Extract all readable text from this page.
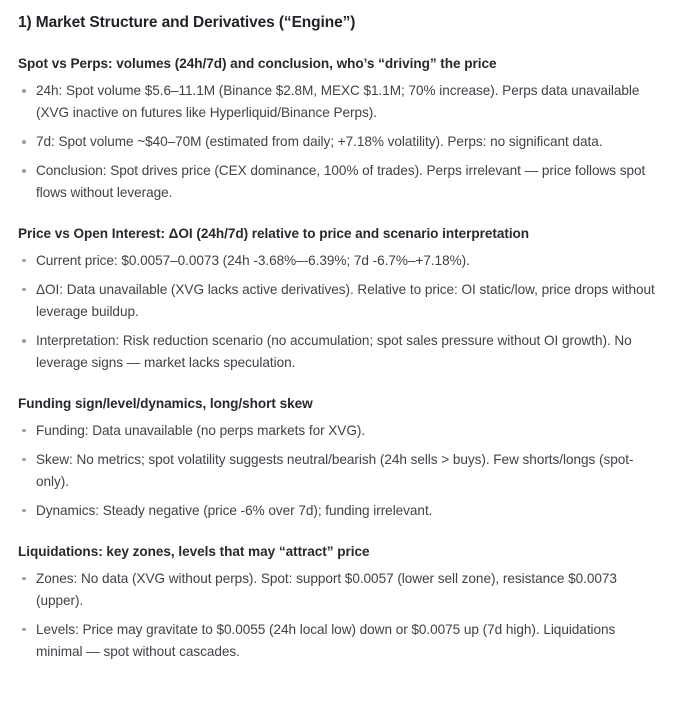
1) Market Structure and Derivatives (“Engine”)
Spot vs Perps: volumes (24h/7d) and conclusion, who’s “driving” the price
24h: Spot volume $5.6–11.1M (Binance $2.8M, MEXC $1.1M; 70% increase). Perps data unavailable (XVG inactive on futures like Hyperliquid/Binance Perps).
7d: Spot volume ~$40–70M (estimated from daily; +7.18% volatility). Perps: no significant data.
Conclusion: Spot drives price (CEX dominance, 100% of trades). Perps irrelevant — price follows spot flows without leverage.
Price vs Open Interest: ΔOI (24h/7d) relative to price and scenario interpretation
Current price: $0.0057–0.0073 (24h -3.68%–-6.39%; 7d -6.7%–+7.18%).
ΔOI: Data unavailable (XVG lacks active derivatives). Relative to price: OI static/low, price drops without leverage buildup.
Interpretation: Risk reduction scenario (no accumulation; spot sales pressure without OI growth). No leverage signs — market lacks speculation.
Funding sign/level/dynamics, long/short skew
Funding: Data unavailable (no perps markets for XVG).
Skew: No metrics; spot volatility suggests neutral/bearish (24h sells > buys). Few shorts/longs (spot-only).
Dynamics: Steady negative (price -6% over 7d); funding irrelevant.
Liquidations: key zones, levels that may “attract” price
Zones: No data (XVG without perps). Spot: support $0.0057 (lower sell zone), resistance $0.0073 (upper).
Levels: Price may gravitate to $0.0055 (24h local low) down or $0.0075 up (7d high). Liquidations minimal — spot without cascades.
